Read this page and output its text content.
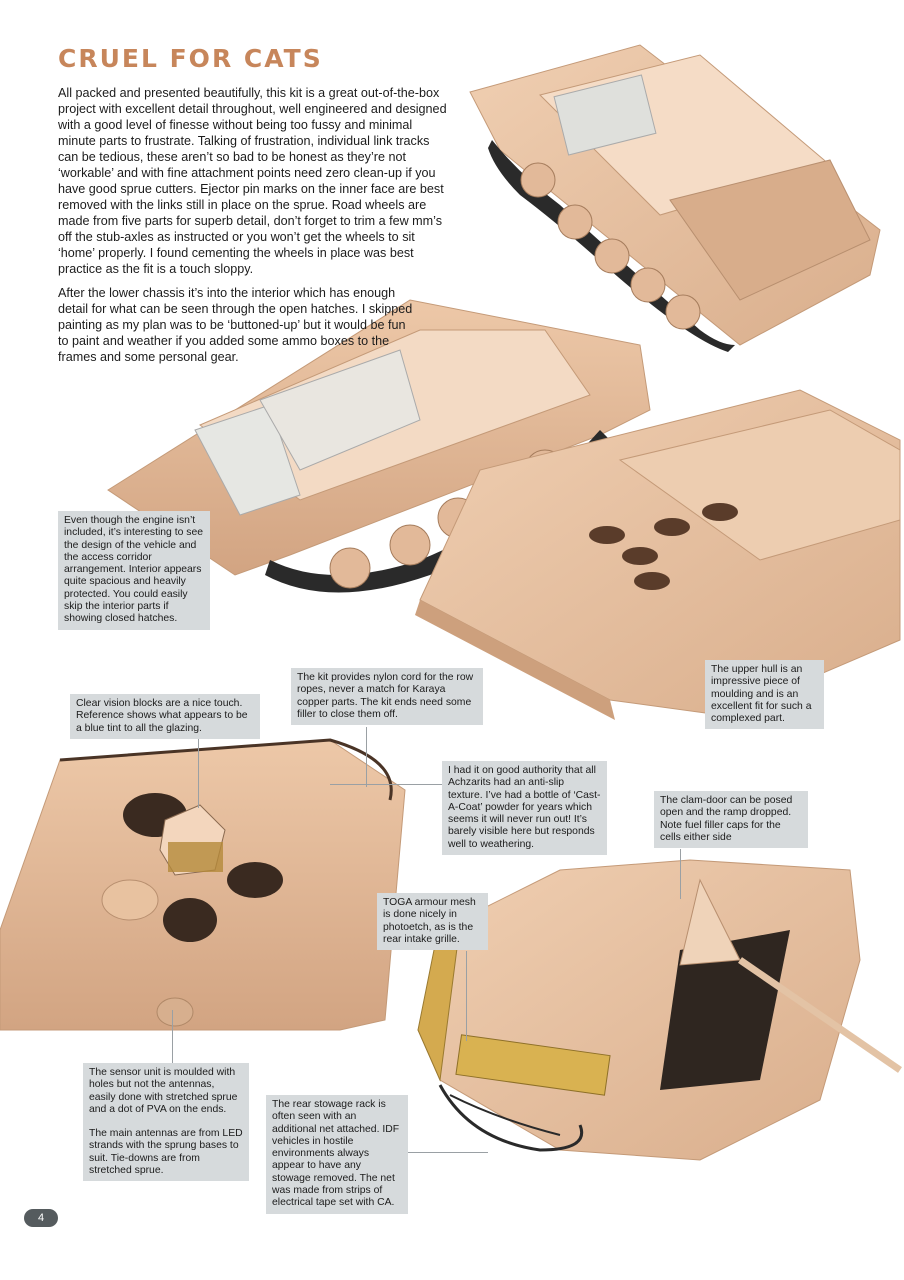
CRUEL FOR CATS

All packed and presented beautifully, this kit is a great out-of-the-box project with excellent detail throughout, well engineered and designed with a good level of finesse without being too fussy and minimal minute parts to frustrate. Talking of frustration, individual link tracks can be tedious, these aren’t so bad to be honest as they’re not ‘workable’ and with fine attachment points need zero clean-up if you have good sprue cutters. Ejector pin marks on the inner face are best removed with the links still in place on the sprue. Road wheels are made from five parts for superb detail, don’t forget to trim a few mm’s off the stub-axles as instructed or you won’t get the wheels to sit ‘home’ properly. I found cementing the wheels in place was best practice as the fit is a touch sloppy.

After the lower chassis it’s into the interior which has enough detail for what can be seen through the open hatches. I skipped painting as my plan was to be ‘buttoned-up’ but it would be fun to paint and weather if you added some ammo boxes to the frames and some personal gear.

Even though the engine isn’t included, it’s interesting to see the design of the vehicle and the access corridor arrangement. Interior appears quite spacious and heavily protected. You could easily skip the interior parts if showing closed hatches.

The kit provides nylon cord for the row ropes, never a match for Karaya copper parts. The kit ends need some filler to close them off.

The upper hull is an impressive piece of moulding and is an excellent fit for such a complexed part.

Clear vision blocks are a nice touch. Reference shows what appears to be a blue tint to all the glazing.

I had it on good authority that all Achzarits had an anti-slip texture. I’ve had a bottle of ‘Cast-A-Coat’ powder for years which seems it will never run out! It’s barely visible here but responds well to weathering.

The clam-door can be posed open and the ramp dropped. Note fuel filler caps for the cells either side

TOGA armour mesh is done nicely in photoetch, as is the rear intake grille.

The sensor unit is moulded with holes but not the antennas, easily done with stretched sprue and a dot of PVA on the ends.

The main antennas are from LED strands with the sprung bases to suit. Tie-downs are from stretched sprue.

The rear stowage rack is often seen with an additional net attached. IDF vehicles in hostile environments always appear to have any stowage removed. The net was made from strips of electrical tape set with CA.

4
